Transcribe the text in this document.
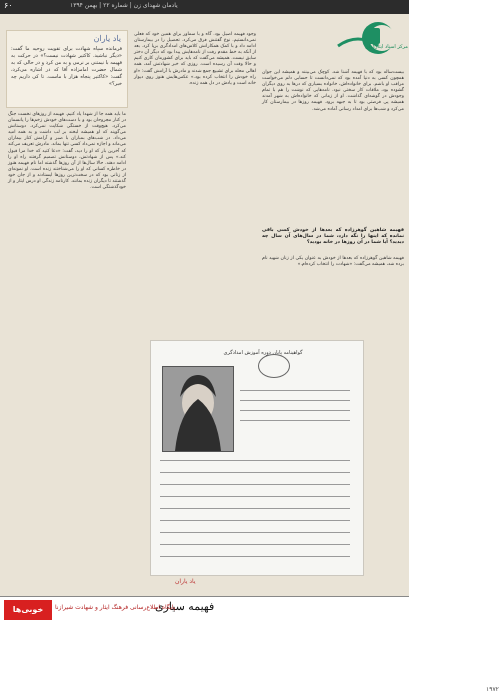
۶۰	یادمان شهدای زن | شماره ۲۲ | بهمن ۱۳۹۴
مرکز اسناد ایثارگران
یاد یاران
فرمانده سپاه شهادت برای تقویت روحیه ما گفت: «دیگر نباشید. کاکتیر شهادت نیست؟» در حرکت به فهیمه با نیمتنی بر نرمی و به من کرد و در حالی که به شمال حضرت امامزاده آقا که در اشاره می‌کرد، گفت: «کاکتیر پنجاه هزار با ماست. تا کی داریم چه خبر؟»

ما باید همه جا از شهدا یاد کنیم. فهیمه از روزهای نخست جنگ در کنار مجروحان بود و با دست‌های خودش زخم‌ها را پانسمان می‌کرد. هیچ‌وقت از خستگی شکایت نمی‌کرد. دوستانش می‌گویند که او همیشه لبخند بر لب داشت و به همه امید می‌داد. در شب‌های بمباران با صبر و آرامش کنار بیماران می‌ماند و اجازه نمی‌داد کسی تنها بماند. مادرش تعریف می‌کند که آخرین بار که او را دید، گفت: «دعا کنید که خدا مرا قبول کند.» پس از شهادتش، دوستانش تصمیم گرفتند راه او را ادامه دهند. حالا سال‌ها از آن روزها گذشته اما نام فهیمه هنوز در خاطره کسانی که او را می‌شناختند زنده است. او نمونه‌ای از زنانی بود که در سخت‌ترین روزها ایستادند و از جان خود گذشتند تا دیگران زنده بمانند. کارنامه زندگی او درس ایثار و از خودگذشتگی است.

وجود فهیمه اصیل بود. گاه و با سماور برای همین خود که فعلی نمی‌دانستیم. نوع گفتنش فرق می‌کرد. تحصیل را در بیمارستان ادامه داد و با کمک همکارانش کلاس‌های امدادگری برپا کرد. بعد از آنکه به خط مقدم رفت از نامه‌هایش پیدا بود که دیگر آن دختر سابق نیست. همیشه می‌گفت که باید برای کشورمان کاری کنیم و حالا وقت آن رسیده است. روزی که خبر شهادتش آمد، همه اهالی محله برای تشییع جمع شدند و مادرش با آرامش گفت: «او راه خودش را انتخاب کرده بود.» عکس‌هایش هنوز روی دیوار خانه است و یادش در دل همه زنده.

بیست‌ساله بود که با فهیمه آشنا شد. کوچک می‌بینند و همیشه این جوان همچون کسی به دنیا آمده بود که نمی‌دانست تا حسابی دلم می‌خواست مراقب او باشم. برای خانواده‌اش، خانواده بسیاری که درها به روی دیگران گشوده بود، ملاقات کار سختی نبود. نامه‌هایی که نوشت را هم با تمام وجودش در گوشه‌ای گذاشت. او از زمانی که خانواده‌اش به شهر آمدند همیشه پی فرصتی بود تا به جبهه برود. فهیمه روزها در بیمارستان کار می‌کرد و شب‌ها برای امداد رسانی آماده می‌شد.

فهیمه شاهین گوهرزاده که بعدها از خودش کسی باقی نمانده که اینها را نگه دارد، شما در سال‌های آن سال چه دیدید؟ آیا شما در آن روزها در خانه بودید؟

فهیمه شاهین گوهرزاده که بعدها از خودش به عنوان یکی از زنان شهید نام برده شد، همیشه می‌گفت: «شهادت را انتخاب کرده‌ام.»

۱۹۷۲
گواهینامه پایان دوره آموزش امدادگری
یاد یاران
فهیمه سیاری
پایگاه اطلاع‌رسانی فرهنگ ایثار و شهادت شیرازنا
خوبی‌ها
